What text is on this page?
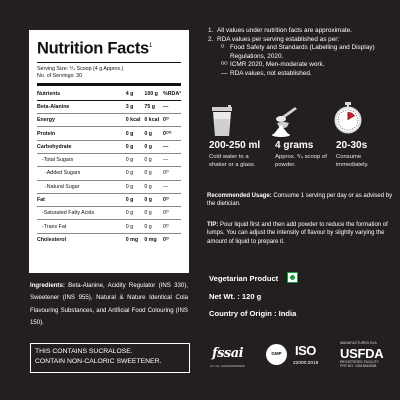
Nutrition Facts$^1$
Serving Size: ³/₄ Scoop (4 g Approx.)
No. of Servings: 30
Nutrients	4 g	100 g	%RDA²
Beta-Alanine	3 g	75 g	—
Energy	0 kcal	0 kcal	0ᴼ
Protein	0 g	0 g	0ᴼᴼ
Carbohydrate	0 g	0 g	—
-Total Sugars	0 g	0 g	—
-Added Sugars	0 g	0 g	0ᴼ
-Natural Sugar	0 g	0 g	—
Fat	0 g	0 g	0ᴼ
-Saturated Fatty Acids	0 g	0 g	0ᴼ
-Trans Fat	0 g	0 g	0ᴼ
Cholesterol	0 mg	0 mg	0ᴼ
1. All values under nutrition facts are approximate.
2. RDA values per serving established as per:
ᴼ Food Safety and Standards (Labelling and Display) Regulations, 2020.
ᴼᴼ ICMR 2020, Men-moderate work.
— RDA values, not established.
200-250 ml
Cold water to a shaker or a glass.
4 grams
Approx. ³/₄ scoop of powder.
20-30s
Consume immediately.
Recommended Usage: Consume 1 serving per day or as advised by the dietician.
TIP: Pour liquid first and then add powder to reduce the formation of lumps. You can adjust the intensity of flavour by slightly varying the amount of liquid to prepare it.
Vegetarian Product
Net Wt. : 120 g
Country of Origin : India
Ingredients: Beta-Alanine, Acidity Regulator (INS 330), Sweetener (INS 955), Natural & Nature Identical Cola Flavouring Substances, and Artificial Food Colouring (INS 150).
THIS CONTAINS SUCRALOSE.
CONTAIN NON-CALORIC SWEETENER.
fssai
Lic. No. 10021022000428
GMP	ISO
22000:2018
MANUFACTURED IN A
USFDA
REGISTERED FACILITY
FFR NO. 10918042538
